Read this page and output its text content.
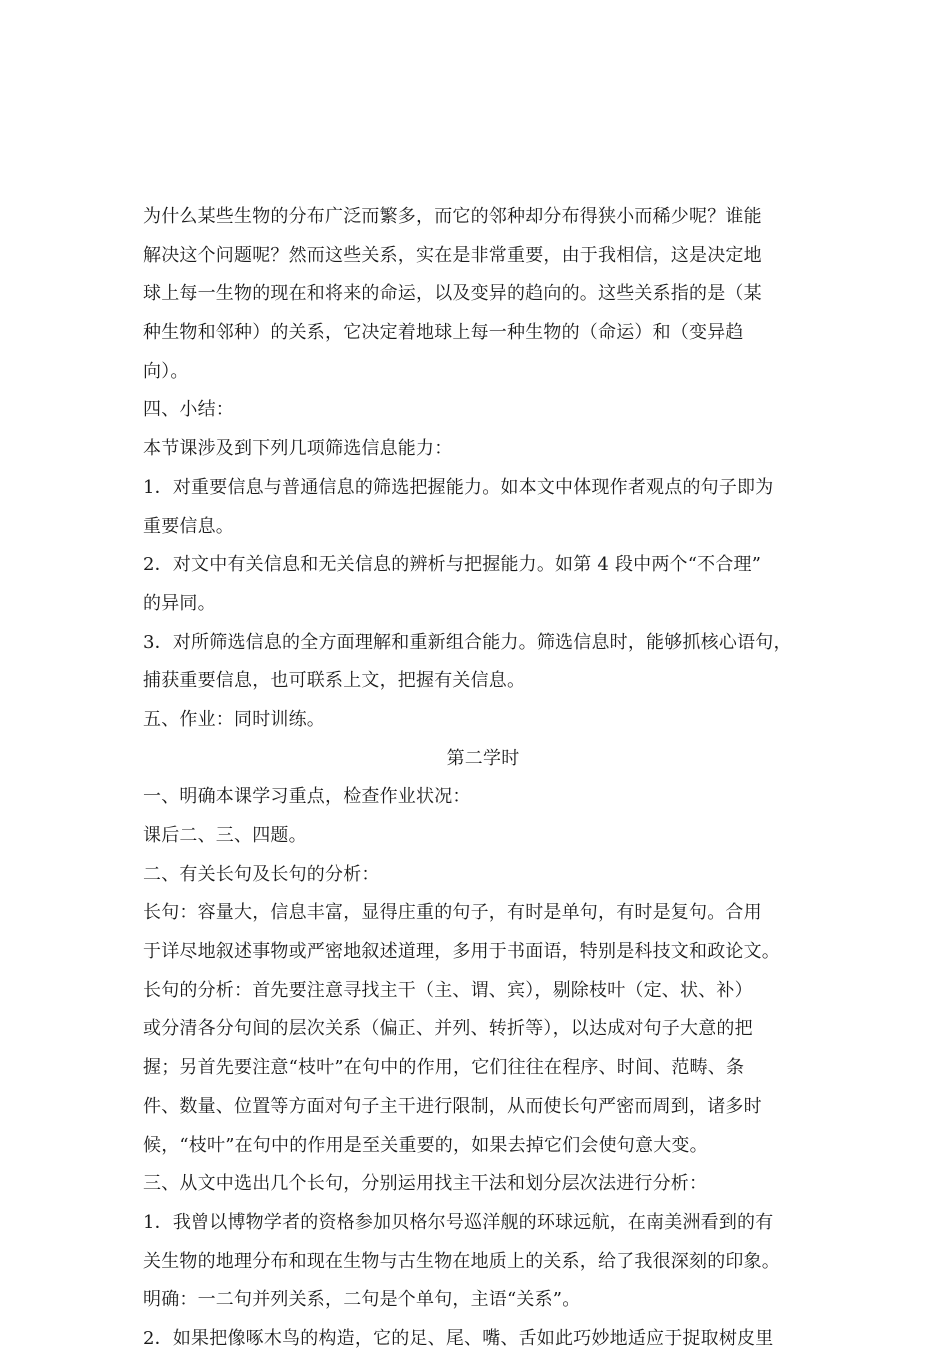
为什么某些生物的分布广泛而繁多，而它的邻种却分布得狭小而稀少呢？谁能
解决这个问题呢？然而这些关系，实在是非常重要，由于我相信，这是决定地
球上每一生物的现在和将来的命运，以及变异的趋向的。这些关系指的是（某
种生物和邻种）的关系，它决定着地球上每一种生物的（命运）和（变异趋
向）。
四、小结：
本节课涉及到下列几项筛选信息能力：
1．对重要信息与普通信息的筛选把握能力。如本文中体现作者观点的句子即为
重要信息。
2．对文中有关信息和无关信息的辨析与把握能力。如第 4 段中两个“不合理”
的异同。
3．对所筛选信息的全方面理解和重新组合能力。筛选信息时，能够抓核心语句，
捕获重要信息，也可联系上文，把握有关信息。
五、作业：同时训练。
第二学时
一、明确本课学习重点，检查作业状况：
课后二、三、四题。
二、有关长句及长句的分析：
长句：容量大，信息丰富，显得庄重的句子，有时是单句，有时是复句。合用
于详尽地叙述事物或严密地叙述道理，多用于书面语，特别是科技文和政论文。
长句的分析：首先要注意寻找主干（主、谓、宾），剔除枝叶（定、状、补）
或分清各分句间的层次关系（偏正、并列、转折等），以达成对句子大意的把
握；另首先要注意“枝叶”在句中的作用，它们往往在程序、时间、范畴、条
件、数量、位置等方面对句子主干进行限制，从而使长句严密而周到，诸多时
候，“枝叶”在句中的作用是至关重要的，如果去掉它们会使句意大变。
三、从文中选出几个长句，分别运用找主干法和划分层次法进行分析：
1．我曾以博物学者的资格参加贝格尔号巡洋舰的环球远航，在南美洲看到的有
关生物的地理分布和现在生物与古生物在地质上的关系，给了我很深刻的印象。
明确：一二句并列关系，二句是个单句，主语“关系”。
2．如果把像啄木鸟的构造，它的足、尾、嘴、舌如此巧妙地适应于捉取树皮里
